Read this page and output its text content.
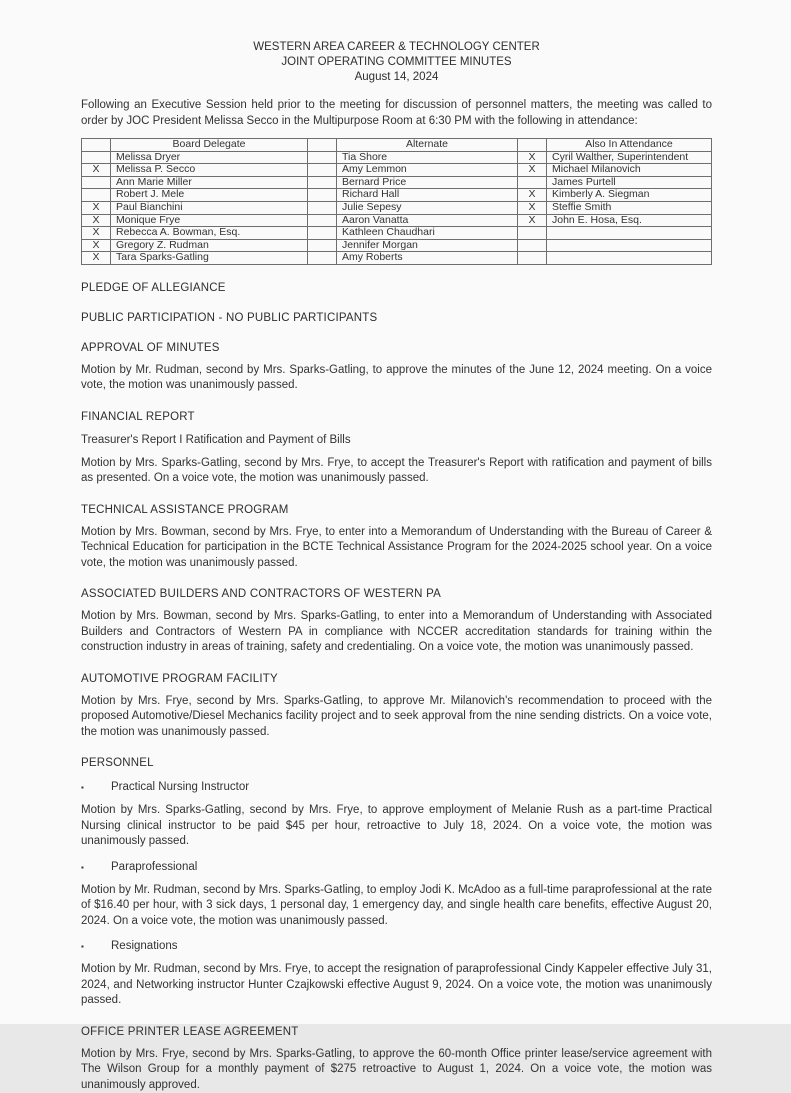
WESTERN AREA CAREER & TECHNOLOGY CENTER
JOINT OPERATING COMMITTEE MINUTES
August 14, 2024
Following an Executive Session held prior to the meeting for discussion of personnel matters, the meeting was called to order by JOC President Melissa Secco in the Multipurpose Room at 6:30 PM with the following in attendance:
	Board Delegate		Alternate		Also In Attendance
	Melissa Dryer		Tia Shore	X	Cyril Walther, Superintendent
X	Melissa P. Secco		Amy Lemmon	X	Michael Milanovich
	Ann Marie Miller		Bernard Price		James Purtell
	Robert J. Mele		Richard Hall	X	Kimberly A. Siegman
X	Paul Bianchini		Julie Sepesy	X	Steffie Smith
X	Monique Frye		Aaron Vanatta	X	John E. Hosa, Esq.
X	Rebecca A. Bowman, Esq.		Kathleen Chaudhari		
X	Gregory Z. Rudman		Jennifer Morgan		
X	Tara Sparks-Gatling		Amy Roberts		
PLEDGE OF ALLEGIANCE
PUBLIC PARTICIPATION - NO PUBLIC PARTICIPANTS
APPROVAL OF MINUTES
Motion by Mr. Rudman, second by Mrs. Sparks-Gatling, to approve the minutes of the June 12, 2024 meeting. On a voice vote, the motion was unanimously passed.
FINANCIAL REPORT
Treasurer's Report I Ratification and Payment of Bills
Motion by Mrs. Sparks-Gatling, second by Mrs. Frye, to accept the Treasurer's Report with ratification and payment of bills as presented. On a voice vote, the motion was unanimously passed.
TECHNICAL ASSISTANCE PROGRAM
Motion by Mrs. Bowman, second by Mrs. Frye, to enter into a Memorandum of Understanding with the Bureau of Career & Technical Education for participation in the BCTE Technical Assistance Program for the 2024-2025 school year. On a voice vote, the motion was unanimously passed.
ASSOCIATED BUILDERS AND CONTRACTORS OF WESTERN PA
Motion by Mrs. Bowman, second by Mrs. Sparks-Gatling, to enter into a Memorandum of Understanding with Associated Builders and Contractors of Western PA in compliance with NCCER accreditation standards for training within the construction industry in areas of training, safety and credentialing. On a voice vote, the motion was unanimously passed.
AUTOMOTIVE PROGRAM FACILITY
Motion by Mrs. Frye, second by Mrs. Sparks-Gatling, to approve Mr. Milanovich's recommendation to proceed with the proposed Automotive/Diesel Mechanics facility project and to seek approval from the nine sending districts. On a voice vote, the motion was unanimously passed.
PERSONNEL
▪	Practical Nursing Instructor
Motion by Mrs. Sparks-Gatling, second by Mrs. Frye, to approve employment of Melanie Rush as a part-time Practical Nursing clinical instructor to be paid $45 per hour, retroactive to July 18, 2024. On a voice vote, the motion was unanimously passed.
▪	Paraprofessional
Motion by Mr. Rudman, second by Mrs. Sparks-Gatling, to employ Jodi K. McAdoo as a full-time paraprofessional at the rate of $16.40 per hour, with 3 sick days, 1 personal day, 1 emergency day, and single health care benefits, effective August 20, 2024. On a voice vote, the motion was unanimously passed.
▪	Resignations
Motion by Mr. Rudman, second by Mrs. Frye, to accept the resignation of paraprofessional Cindy Kappeler effective July 31, 2024, and Networking instructor Hunter Czajkowski effective August 9, 2024. On a voice vote, the motion was unanimously passed.
OFFICE PRINTER LEASE AGREEMENT
Motion by Mrs. Frye, second by Mrs. Sparks-Gatling, to approve the 60-month Office printer lease/service agreement with The Wilson Group for a monthly payment of $275 retroactive to August 1, 2024. On a voice vote, the motion was unanimously approved.
